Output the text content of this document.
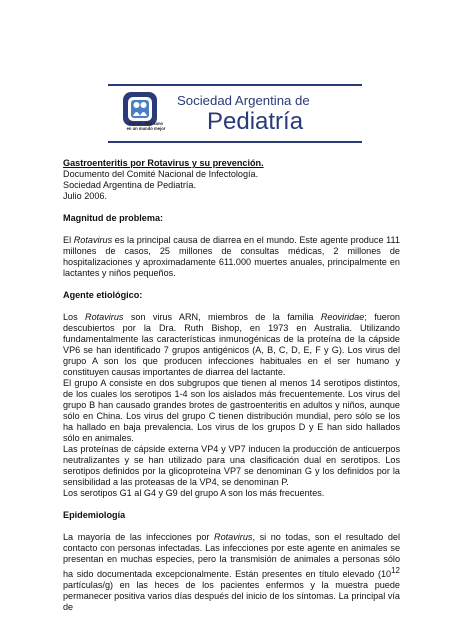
Por un niño sano
en un mundo mejor
Sociedad Argentina de
Pediatría

Gastroenteritis por Rotavirus y su prevención.

Documento del Comité Nacional de Infectología.

Sociedad Argentina de Pediatría.

Julio 2006.

Magnitud de problema:

El Rotavirus es la principal causa de diarrea en el mundo. Este agente produce 111 millones de casos, 25 millones de consultas médicas, 2 millones de hospitalizaciones y aproximadamente 611.000 muertes anuales, principalmente en lactantes y niños pequeños.

Agente etiológico:

Los Rotavirus son virus ARN, miembros de la familia Reoviridae; fueron descubiertos por la Dra. Ruth Bishop, en 1973 en Australia. Utilizando fundamentalmente las características inmunogénicas de la proteína de la cápside VP6 se han identificado 7 grupos antigénicos (A, B, C, D, E, F y G). Los virus del grupo A son los que producen infecciones habituales en el ser humano y constituyen causas importantes de diarrea del lactante.

El grupo A consiste en dos subgrupos que tienen al menos 14 serotipos distintos, de los cuales los serotipos 1-4 son los aislados más frecuentemente. Los virus del grupo B han causado grandes brotes de gastroenteritis en adultos y niños, aunque sólo en China. Los virus del grupo C tienen distribución mundial, pero sólo se los ha hallado en baja prevalencia. Los virus de los grupos D y E han sido hallados sólo en animales.

Las proteínas de cápside externa VP4 y VP7 inducen la producción de anticuerpos neutralizantes y se han utilizado para una clasificación dual en serotipos. Los serotipos definidos por la glicoproteína VP7 se denominan G y los definidos por la sensibilidad a las proteasas de la VP4, se denominan P.

Los serotipos G1 al G4 y G9 del grupo A son los más frecuentes.

Epidemiología

La mayoría de las infecciones por Rotavirus, si no todas, son el resultado del contacto con personas infectadas. Las infecciones por este agente en animales se presentan en muchas especies, pero la transmisión de animales a personas sólo ha sido documentada excepcionalmente. Están presentes en título elevado (1012 partículas/g) en las heces de los pacientes enfermos y la muestra puede permanecer positiva varios días después del inicio de los síntomas. La principal vía de
